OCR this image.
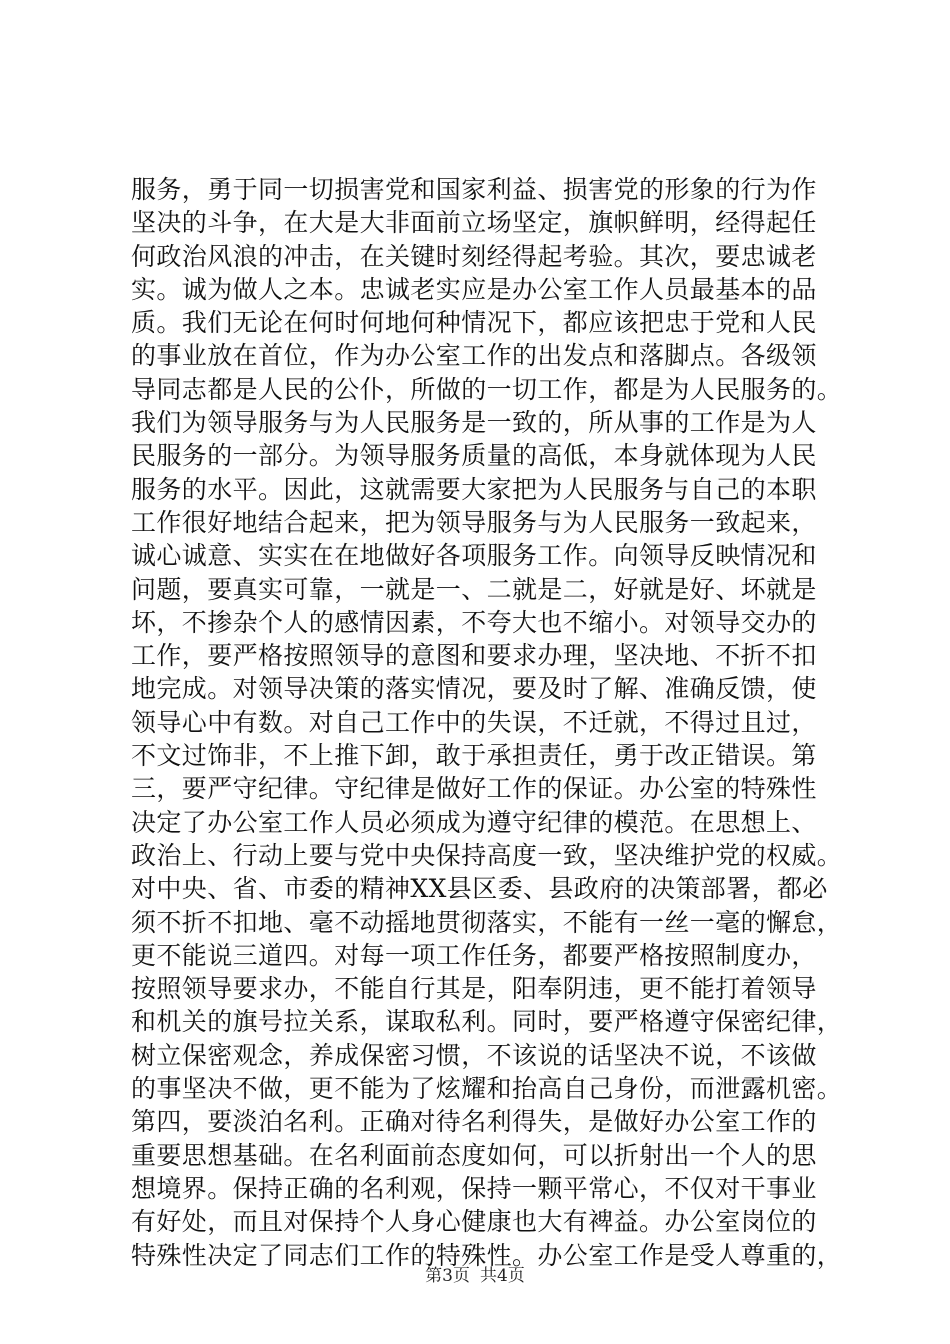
服务，勇于同一切损害党和国家利益、损害党的形象的行为作
坚决的斗争，在大是大非面前立场坚定，旗帜鲜明，经得起任
何政治风浪的冲击，在关键时刻经得起考验。其次，要忠诚老
实。诚为做人之本。忠诚老实应是办公室工作人员最基本的品
质。我们无论在何时何地何种情况下，都应该把忠于党和人民
的事业放在首位，作为办公室工作的出发点和落脚点。各级领
导同志都是人民的公仆，所做的一切工作，都是为人民服务的。
我们为领导服务与为人民服务是一致的，所从事的工作是为人
民服务的一部分。为领导服务质量的高低，本身就体现为人民
服务的水平。因此，这就需要大家把为人民服务与自己的本职
工作很好地结合起来，把为领导服务与为人民服务一致起来，
诚心诚意、实实在在地做好各项服务工作。向领导反映情况和
问题，要真实可靠，一就是一、二就是二，好就是好、坏就是
坏，不掺杂个人的感情因素，不夸大也不缩小。对领导交办的
工作，要严格按照领导的意图和要求办理，坚决地、不折不扣
地完成。对领导决策的落实情况，要及时了解、准确反馈，使
领导心中有数。对自己工作中的失误，不迁就，不得过且过，
不文过饰非，不上推下卸，敢于承担责任，勇于改正错误。第
三，要严守纪律。守纪律是做好工作的保证。办公室的特殊性
决定了办公室工作人员必须成为遵守纪律的模范。在思想上、
政治上、行动上要与党中央保持高度一致，坚决维护党的权威。
对中央、省、市委的精神XX县区委、县政府的决策部署，都必
须不折不扣地、毫不动摇地贯彻落实，不能有一丝一毫的懈怠，
更不能说三道四。对每一项工作任务，都要严格按照制度办，
按照领导要求办，不能自行其是，阳奉阴违，更不能打着领导
和机关的旗号拉关系，谋取私利。同时，要严格遵守保密纪律，
树立保密观念，养成保密习惯，不该说的话坚决不说，不该做
的事坚决不做，更不能为了炫耀和抬高自己身份，而泄露机密。
第四，要淡泊名利。正确对待名利得失，是做好办公室工作的
重要思想基础。在名利面前态度如何，可以折射出一个人的思
想境界。保持正确的名利观，保持一颗平常心，不仅对干事业
有好处，而且对保持个人身心健康也大有裨益。办公室岗位的
特殊性决定了同志们工作的特殊性。办公室工作是受人尊重的，
第3页 共4页
